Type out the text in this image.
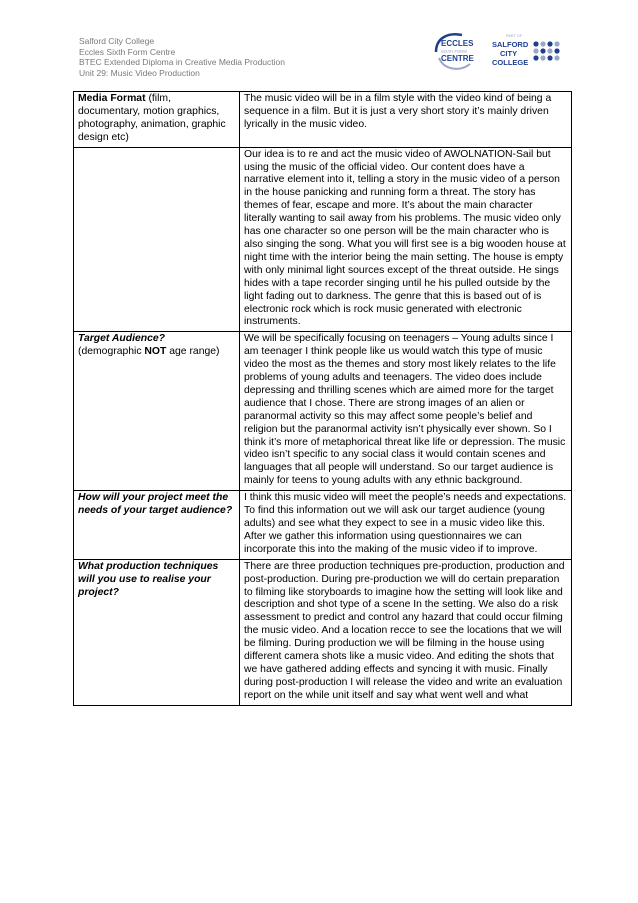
Salford City College
Eccles Sixth Form Centre
BTEC Extended Diploma in Creative Media Production
Unit 29: Music Video Production
ECCLES
SIXTH FORM
CENTRE
PART OF
SALFORD
CITY
COLLEGE
Media Format (film, documentary, motion graphics, photography, animation, graphic design etc)	The music video will be in a film style with the video kind of being a sequence in a film. But it is just a very short story it’s mainly driven lyrically in the music video.

	Our idea is to re and act the music video of AWOLNATION-Sail but using the music of the official video. Our content does have a narrative element into it, telling a story in the music video of a person in the house panicking and running form a threat. The story has themes of fear, escape and more. It’s about the main character literally wanting to sail away from his problems. The music video only has one character so one person will be the main character who is also singing the song. What you will first see is a big wooden house at night time with the interior being the main setting. The house is empty with only minimal light sources except of the threat outside. He sings hides with a tape recorder singing until he his pulled outside by the light fading out to darkness. The genre that this is based out of is electronic rock which is rock music generated with electronic instruments.

Target Audience?
(demographic NOT age range)	We will be specifically focusing on teenagers – Young adults since I am teenager I think people like us would watch this type of music video the most as the themes and story most likely relates to the life problems of young adults and teenagers. The video does include depressing and thrilling scenes which are aimed more for the target audience that I chose. There are strong images of an alien or paranormal activity so this may affect some people’s belief and religion but the paranormal activity isn’t physically ever shown. So I think it’s more of metaphorical threat like life or depression. The music video isn’t specific to any social class it would contain scenes and languages that all people will understand. So our target audience is mainly for teens to young adults with any ethnic background.

How will your project meet the needs of your target audience?	I think this music video will meet the people’s needs and expectations. To find this information out we will ask our target audience (young adults) and see what they expect to see in a music video like this. After we gather this information using questionnaires we can incorporate this into the making of the music video if to improve.

What production techniques will you use to realise your project?	There are three production techniques pre-production, production and post-production. During pre-production we will do certain preparation to filming like storyboards to imagine how the setting will look like and description and shot type of a scene In the setting. We also do a risk assessment to predict and control any hazard that could occur filming the music video. And a location recce to see the locations that we will be filming. During production we will be filming in the house using different camera shots like a music video. And editing the shots that we have gathered adding effects and syncing it with music. Finally during post-production I will release the video and write an evaluation report on the while unit itself and say what went well and what
